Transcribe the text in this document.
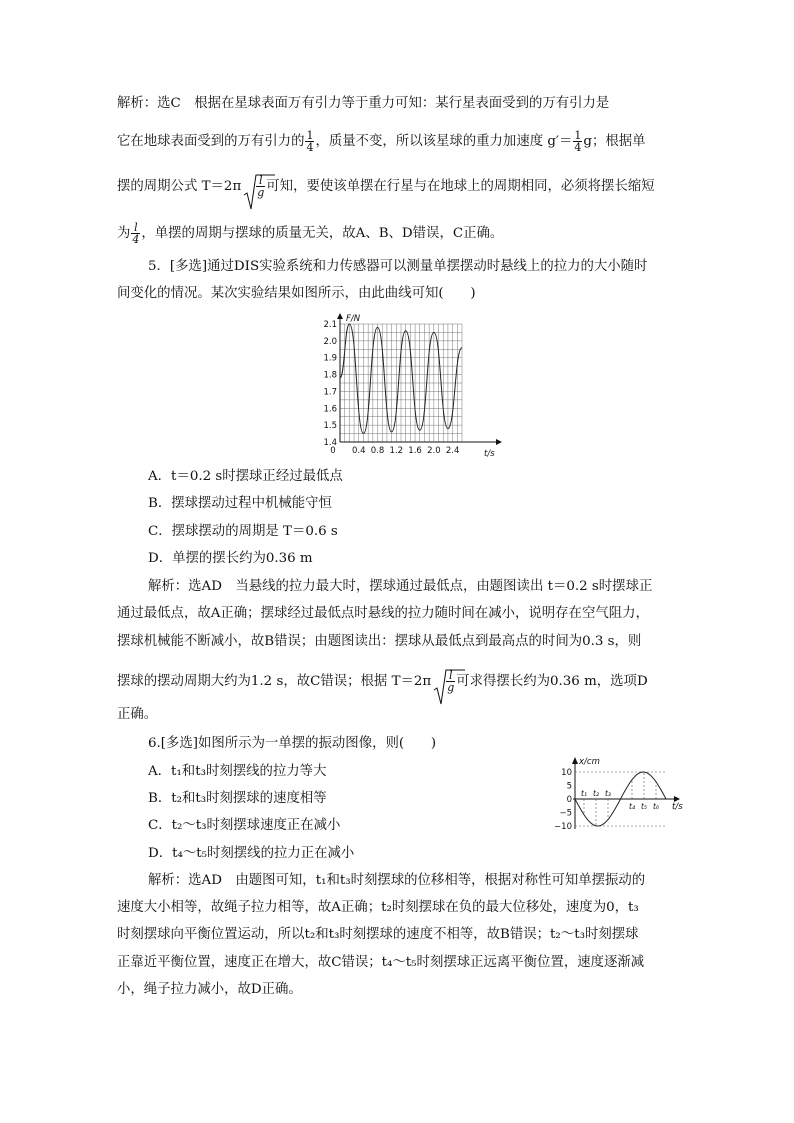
解析：选C　根据在星球表面万有引力等于重力可知：某行星表面受到的万有引力是
它在地球表面受到的万有引力的 $\frac{1}{4}$ ，质量不变，所以该星球的重力加速度 $g'= \frac{1}{4}$ g；根据单
摆的周期公式 $T=2\pi \frac{l}{g}$ 可知，要使该单摆在行星与在地球上的周期相同，必须将摆长缩短
为 $\frac{l}{4}$ ，单摆的周期与摆球的质量无关，故A、B、D错误，C正确。
5．[多选]通过DIS实验系统和力传感器可以测量单摆摆动时悬线上的拉力的大小随时
间变化的情况。某次实验结果如图所示，由此曲线可知(　　)
1.4
1.5
1.6
1.7
1.8
1.9
2.0
2.1
0 0.4 0.8 1.2 1.6 2.0 2.4
F/N
t/s
A．t＝0.2 s时摆球正经过最低点
B．摆球摆动过程中机械能守恒
C．摆球摆动的周期是 T＝0.6 s
D．单摆的摆长约为0.36 m
解析：选AD　当悬线的拉力最大时，摆球通过最低点，由题图读出 t＝0.2 s时摆球正
通过最低点，故A正确；摆球经过最低点时悬线的拉力随时间在减小，说明存在空气阻力，
摆球机械能不断减小，故B错误；由题图读出：摆球从最低点到最高点的时间为0.3 s，则
摆球的摆动周期大约为1.2 s，故C错误；根据 $T=2\pi \frac{l}{g}$ 可求得摆长约为0.36 m，选项D
正确。
6.[多选]如图所示为一单摆的振动图像，则(　　)
A．t₁和t₃时刻摆线的拉力等大
B．t₂和t₃时刻摆球的速度相等
C．t₂～t₃时刻摆球速度正在减小
D．t₄～t₅时刻摆线的拉力正在减小
10
5
0
−5
−10
x/cm
t/s
t₁ t₂ t₃
t₄ t₅ t₆
解析：选AD　由题图可知，t₁和t₃时刻摆球的位移相等，根据对称性可知单摆振动的
速度大小相等，故绳子拉力相等，故A正确；t₂时刻摆球在负的最大位移处，速度为0，t₃
时刻摆球向平衡位置运动，所以t₂和t₃时刻摆球的速度不相等，故B错误；t₂～t₃时刻摆球
正靠近平衡位置，速度正在增大，故C错误；t₄～t₅时刻摆球正远离平衡位置，速度逐渐减
小，绳子拉力减小，故D正确。
